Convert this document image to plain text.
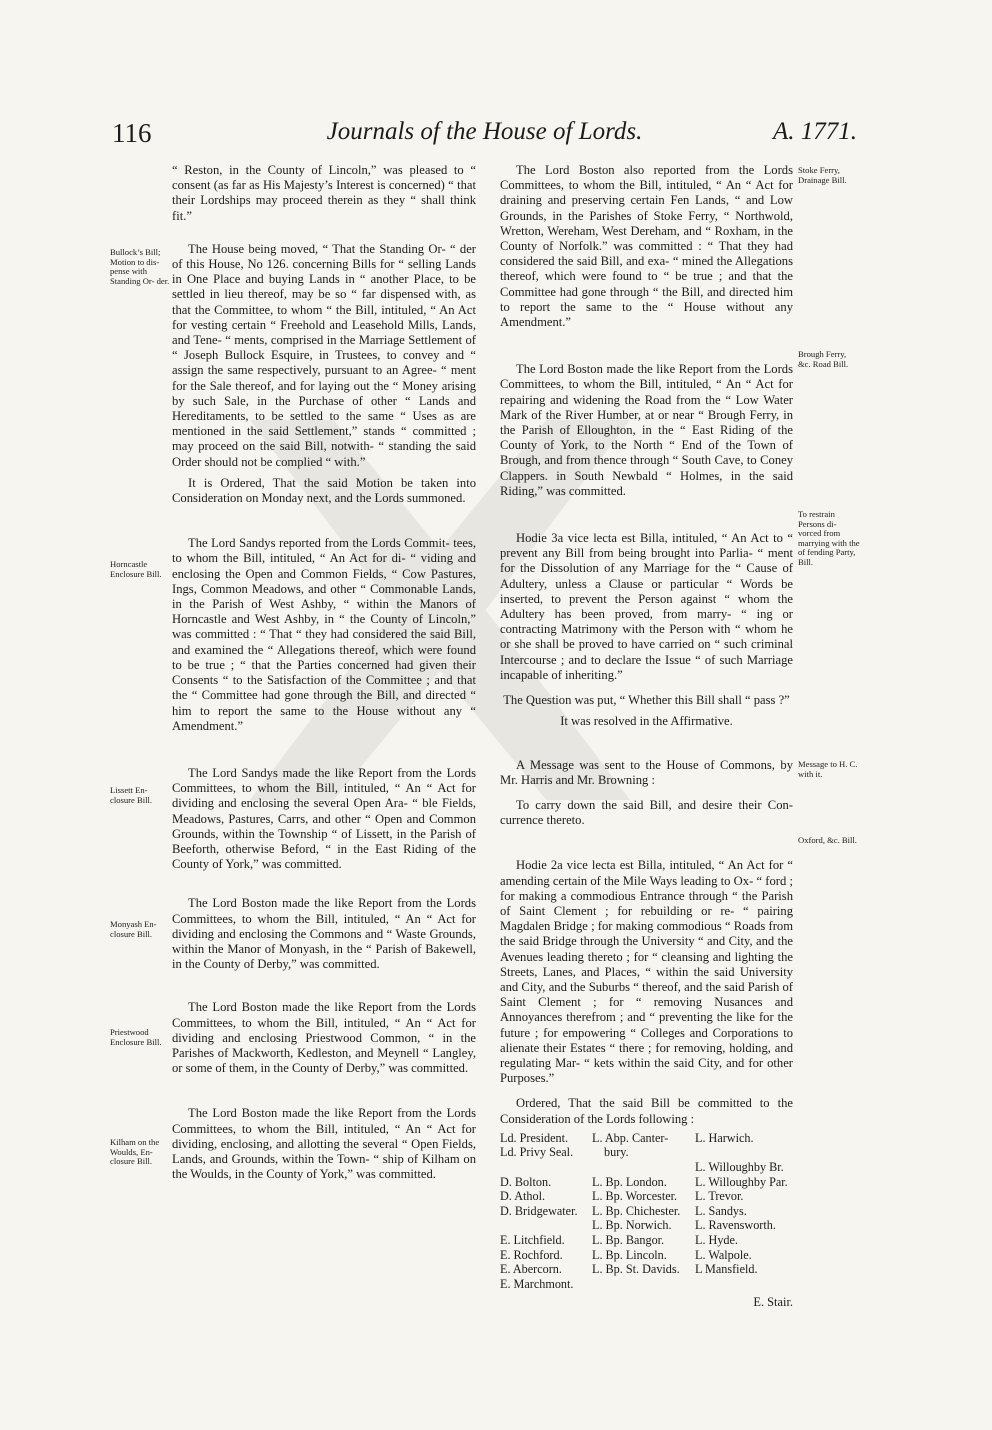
116	Journals of the House of Lords.	A. 1771.

“ Reston, in the County of Lincoln,” was pleased to “ consent (as far as His Majesty’s Interest is concerned) “ that their Lordships may proceed therein as they “ shall think fit.”

The House being moved, “ That the Standing Or- “ der of this House, No 126. concerning Bills for “ selling Lands in One Place and buying Lands in “ another Place, to be settled in lieu thereof, may be so “ far dispensed with, as that the Committee, to whom “ the Bill, intituled, “ An Act for vesting certain “ Freehold and Leasehold Mills, Lands, and Tene- “ ments, comprised in the Marriage Settlement of “ Joseph Bullock Esquire, in Trustees, to convey and “ assign the same respectively, pursuant to an Agree- “ ment for the Sale thereof, and for laying out the “ Money arising by such Sale, in the Purchase of other “ Lands and Hereditaments, to be settled to the same “ Uses as are mentioned in the said Settlement,” stands “ committed ; may proceed on the said Bill, notwith- “ standing the said Order should not be complied “ with.”

It is Ordered, That the said Motion be taken into Consideration on Monday next, and the Lords summoned.

The Lord Sandys reported from the Lords Commit- tees, to whom the Bill, intituled, “ An Act for di- “ viding and enclosing the Open and Common Fields, “ Cow Pastures, Ings, Common Meadows, and other “ Commonable Lands, in the Parish of West Ashby, “ within the Manors of Horncastle and West Ashby, in “ the County of Lincoln,” was committed : “ That “ they had considered the said Bill, and examined the “ Allegations thereof, which were found to be true ; “ that the Parties concerned had given their Consents “ to the Satisfaction of the Committee ; and that the “ Committee had gone through the Bill, and directed “ him to report the same to the House without any “ Amendment.”

The Lord Sandys made the like Report from the Lords Committees, to whom the Bill, intituled, “ An “ Act for dividing and enclosing the several Open Ara- “ ble Fields, Meadows, Pastures, Carrs, and other “ Open and Common Grounds, within the Township “ of Lissett, in the Parish of Beeforth, otherwise Beford, “ in the East Riding of the County of York,” was committed.

The Lord Boston made the like Report from the Lords Committees, to whom the Bill, intituled, “ An “ Act for dividing and enclosing the Commons and “ Waste Grounds, within the Manor of Monyash, in the “ Parish of Bakewell, in the County of Derby,” was committed.

The Lord Boston made the like Report from the Lords Committees, to whom the Bill, intituled, “ An “ Act for dividing and enclosing Priestwood Common, “ in the Parishes of Mackworth, Kedleston, and Meynell “ Langley, or some of them, in the County of Derby,” was committed.

The Lord Boston made the like Report from the Lords Committees, to whom the Bill, intituled, “ An “ Act for dividing, enclosing, and allotting the several “ Open Fields, Lands, and Grounds, within the Town- “ ship of Kilham on the Woulds, in the County of York,” was committed.

Bullock’s Bill; Motion to dis- pense with Standing Or- der.
Horncastle Enclosure Bill.
Lissett En- closure Bill.
Monyash En- closure Bill.
Priestwood Enclosure Bill.
Kilham on the Woulds, En- closure Bill.

The Lord Boston also reported from the Lords Committees, to whom the Bill, intituled, “ An “ Act for draining and preserving certain Fen Lands, “ and Low Grounds, in the Parishes of Stoke Ferry, “ Northwold, Wretton, Wereham, West Dereham, and “ Roxham, in the County of Norfolk.” was committed : “ That they had considered the said Bill, and exa- “ mined the Allegations thereof, which were found to “ be true ; and that the Committee had gone through “ the Bill, and directed him to report the same to the “ House without any Amendment.”

The Lord Boston made the like Report from the Lords Committees, to whom the Bill, intituled, “ An “ Act for repairing and widening the Road from the “ Low Water Mark of the River Humber, at or near “ Brough Ferry, in the Parish of Elloughton, in the “ East Riding of the County of York, to the North “ End of the Town of Brough, and from thence through “ South Cave, to Coney Clappers. in South Newbald “ Holmes, in the said Riding,” was committed.

Hodie 3a vice lecta est Billa, intituled, “ An Act to “ prevent any Bill from being brought into Parlia- “ ment for the Dissolution of any Marriage for the “ Cause of Adultery, unless a Clause or particular “ Words be inserted, to prevent the Person against “ whom the Adultery has been proved, from marry- “ ing or contracting Matrimony with the Person with “ whom he or she shall be proved to have carried on “ such criminal Intercourse ; and to declare the Issue “ of such Marriage incapable of inheriting.”

The Question was put, “ Whether this Bill shall “ pass ?”

It was resolved in the Affirmative.

A Message was sent to the House of Commons, by Mr. Harris and Mr. Browning :

To carry down the said Bill, and desire their Con- currence thereto.

Hodie 2a vice lecta est Billa, intituled, “ An Act for “ amending certain of the Mile Ways leading to Ox- “ ford ; for making a commodious Entrance through “ the Parish of Saint Clement ; for rebuilding or re- “ pairing Magdalen Bridge ; for making commodious “ Roads from the said Bridge through the University “ and City, and the Avenues leading thereto ; for “ cleansing and lighting the Streets, Lanes, and Places, “ within the said University and City, and the Suburbs “ thereof, and the said Parish of Saint Clement ; for “ removing Nusances and Annoyances therefrom ; and “ preventing the like for the future ; for empowering “ Colleges and Corporations to alienate their Estates “ there ; for removing, holding, and regulating Mar- “ kets within the said City, and for other Purposes.”

Ordered, That the said Bill be committed to the Consideration of the Lords following :

Ld. President.
Ld. Privy Seal.

D. Bolton.
D. Athol.
D. Bridgewater.

E. Litchfield.
E. Rochford.
E. Abercorn.
E. Marchmont.
L. Abp. Canter-
bury.

L. Bp. London.
L. Bp. Worcester.
L. Bp. Chichester.
L. Bp. Norwich.
L. Bp. Bangor.
L. Bp. Lincoln.
L. Bp. St. Davids.
L. Harwich.

L. Willoughby Br.
L. Willoughby Par.
L. Trevor.
L. Sandys.
L. Ravensworth.
L. Hyde.
L. Walpole.
L Mansfield.

E. Stair.
Stoke Ferry, Drainage Bill.
Brough Ferry, &c. Road Bill.
To restrain Persons di- vorced from marrying with the of fending Party, Bill.
Message to H. C. with it.
Oxford, &c. Bill.
